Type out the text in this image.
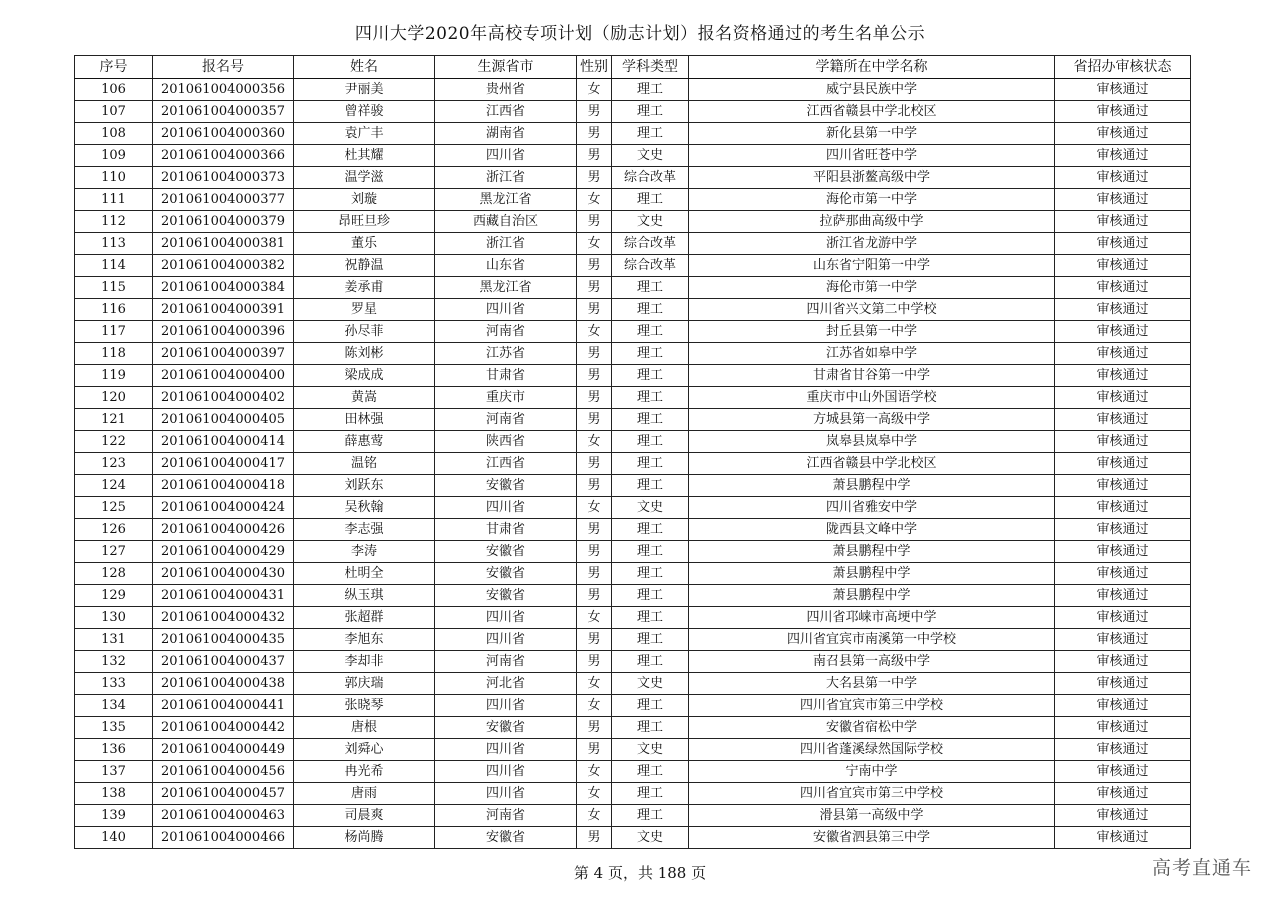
四川大学2020年高校专项计划（励志计划）报名资格通过的考生名单公示
序号	报名号	姓名	生源省市	性别	学科类型	学籍所在中学名称	省招办审核状态
106	201061004000356	尹丽美	贵州省	女	理工	威宁县民族中学	审核通过
107	201061004000357	曾祥骏	江西省	男	理工	江西省赣县中学北校区	审核通过
108	201061004000360	袁广丰	湖南省	男	理工	新化县第一中学	审核通过
109	201061004000366	杜其耀	四川省	男	文史	四川省旺苍中学	审核通过
110	201061004000373	温学滋	浙江省	男	综合改革	平阳县浙鳌高级中学	审核通过
111	201061004000377	刘璇	黑龙江省	女	理工	海伦市第一中学	审核通过
112	201061004000379	昂旺旦珍	西藏自治区	男	文史	拉萨那曲高级中学	审核通过
113	201061004000381	董乐	浙江省	女	综合改革	浙江省龙游中学	审核通过
114	201061004000382	祝静温	山东省	男	综合改革	山东省宁阳第一中学	审核通过
115	201061004000384	姜承甫	黑龙江省	男	理工	海伦市第一中学	审核通过
116	201061004000391	罗星	四川省	男	理工	四川省兴文第二中学校	审核通过
117	201061004000396	孙尽菲	河南省	女	理工	封丘县第一中学	审核通过
118	201061004000397	陈刘彬	江苏省	男	理工	江苏省如皋中学	审核通过
119	201061004000400	梁成成	甘肃省	男	理工	甘肃省甘谷第一中学	审核通过
120	201061004000402	黄嵩	重庆市	男	理工	重庆市中山外国语学校	审核通过
121	201061004000405	田林强	河南省	男	理工	方城县第一高级中学	审核通过
122	201061004000414	薛惠莺	陕西省	女	理工	岚皋县岚皋中学	审核通过
123	201061004000417	温铭	江西省	男	理工	江西省赣县中学北校区	审核通过
124	201061004000418	刘跃东	安徽省	男	理工	萧县鹏程中学	审核通过
125	201061004000424	吴秋翰	四川省	女	文史	四川省雅安中学	审核通过
126	201061004000426	李志强	甘肃省	男	理工	陇西县文峰中学	审核通过
127	201061004000429	李涛	安徽省	男	理工	萧县鹏程中学	审核通过
128	201061004000430	杜明全	安徽省	男	理工	萧县鹏程中学	审核通过
129	201061004000431	纵玉琪	安徽省	男	理工	萧县鹏程中学	审核通过
130	201061004000432	张超群	四川省	女	理工	四川省邛崃市高埂中学	审核通过
131	201061004000435	李旭东	四川省	男	理工	四川省宜宾市南溪第一中学校	审核通过
132	201061004000437	李却非	河南省	男	理工	南召县第一高级中学	审核通过
133	201061004000438	郭庆瑞	河北省	女	文史	大名县第一中学	审核通过
134	201061004000441	张晓琴	四川省	女	理工	四川省宜宾市第三中学校	审核通过
135	201061004000442	唐根	安徽省	男	理工	安徽省宿松中学	审核通过
136	201061004000449	刘舜心	四川省	男	文史	四川省蓬溪绿然国际学校	审核通过
137	201061004000456	冉光希	四川省	女	理工	宁南中学	审核通过
138	201061004000457	唐雨	四川省	女	理工	四川省宜宾市第三中学校	审核通过
139	201061004000463	司晨爽	河南省	女	理工	滑县第一高级中学	审核通过
140	201061004000466	杨尚腾	安徽省	男	文史	安徽省泗县第三中学	审核通过
第 4 页，共 188 页	高考直通车
